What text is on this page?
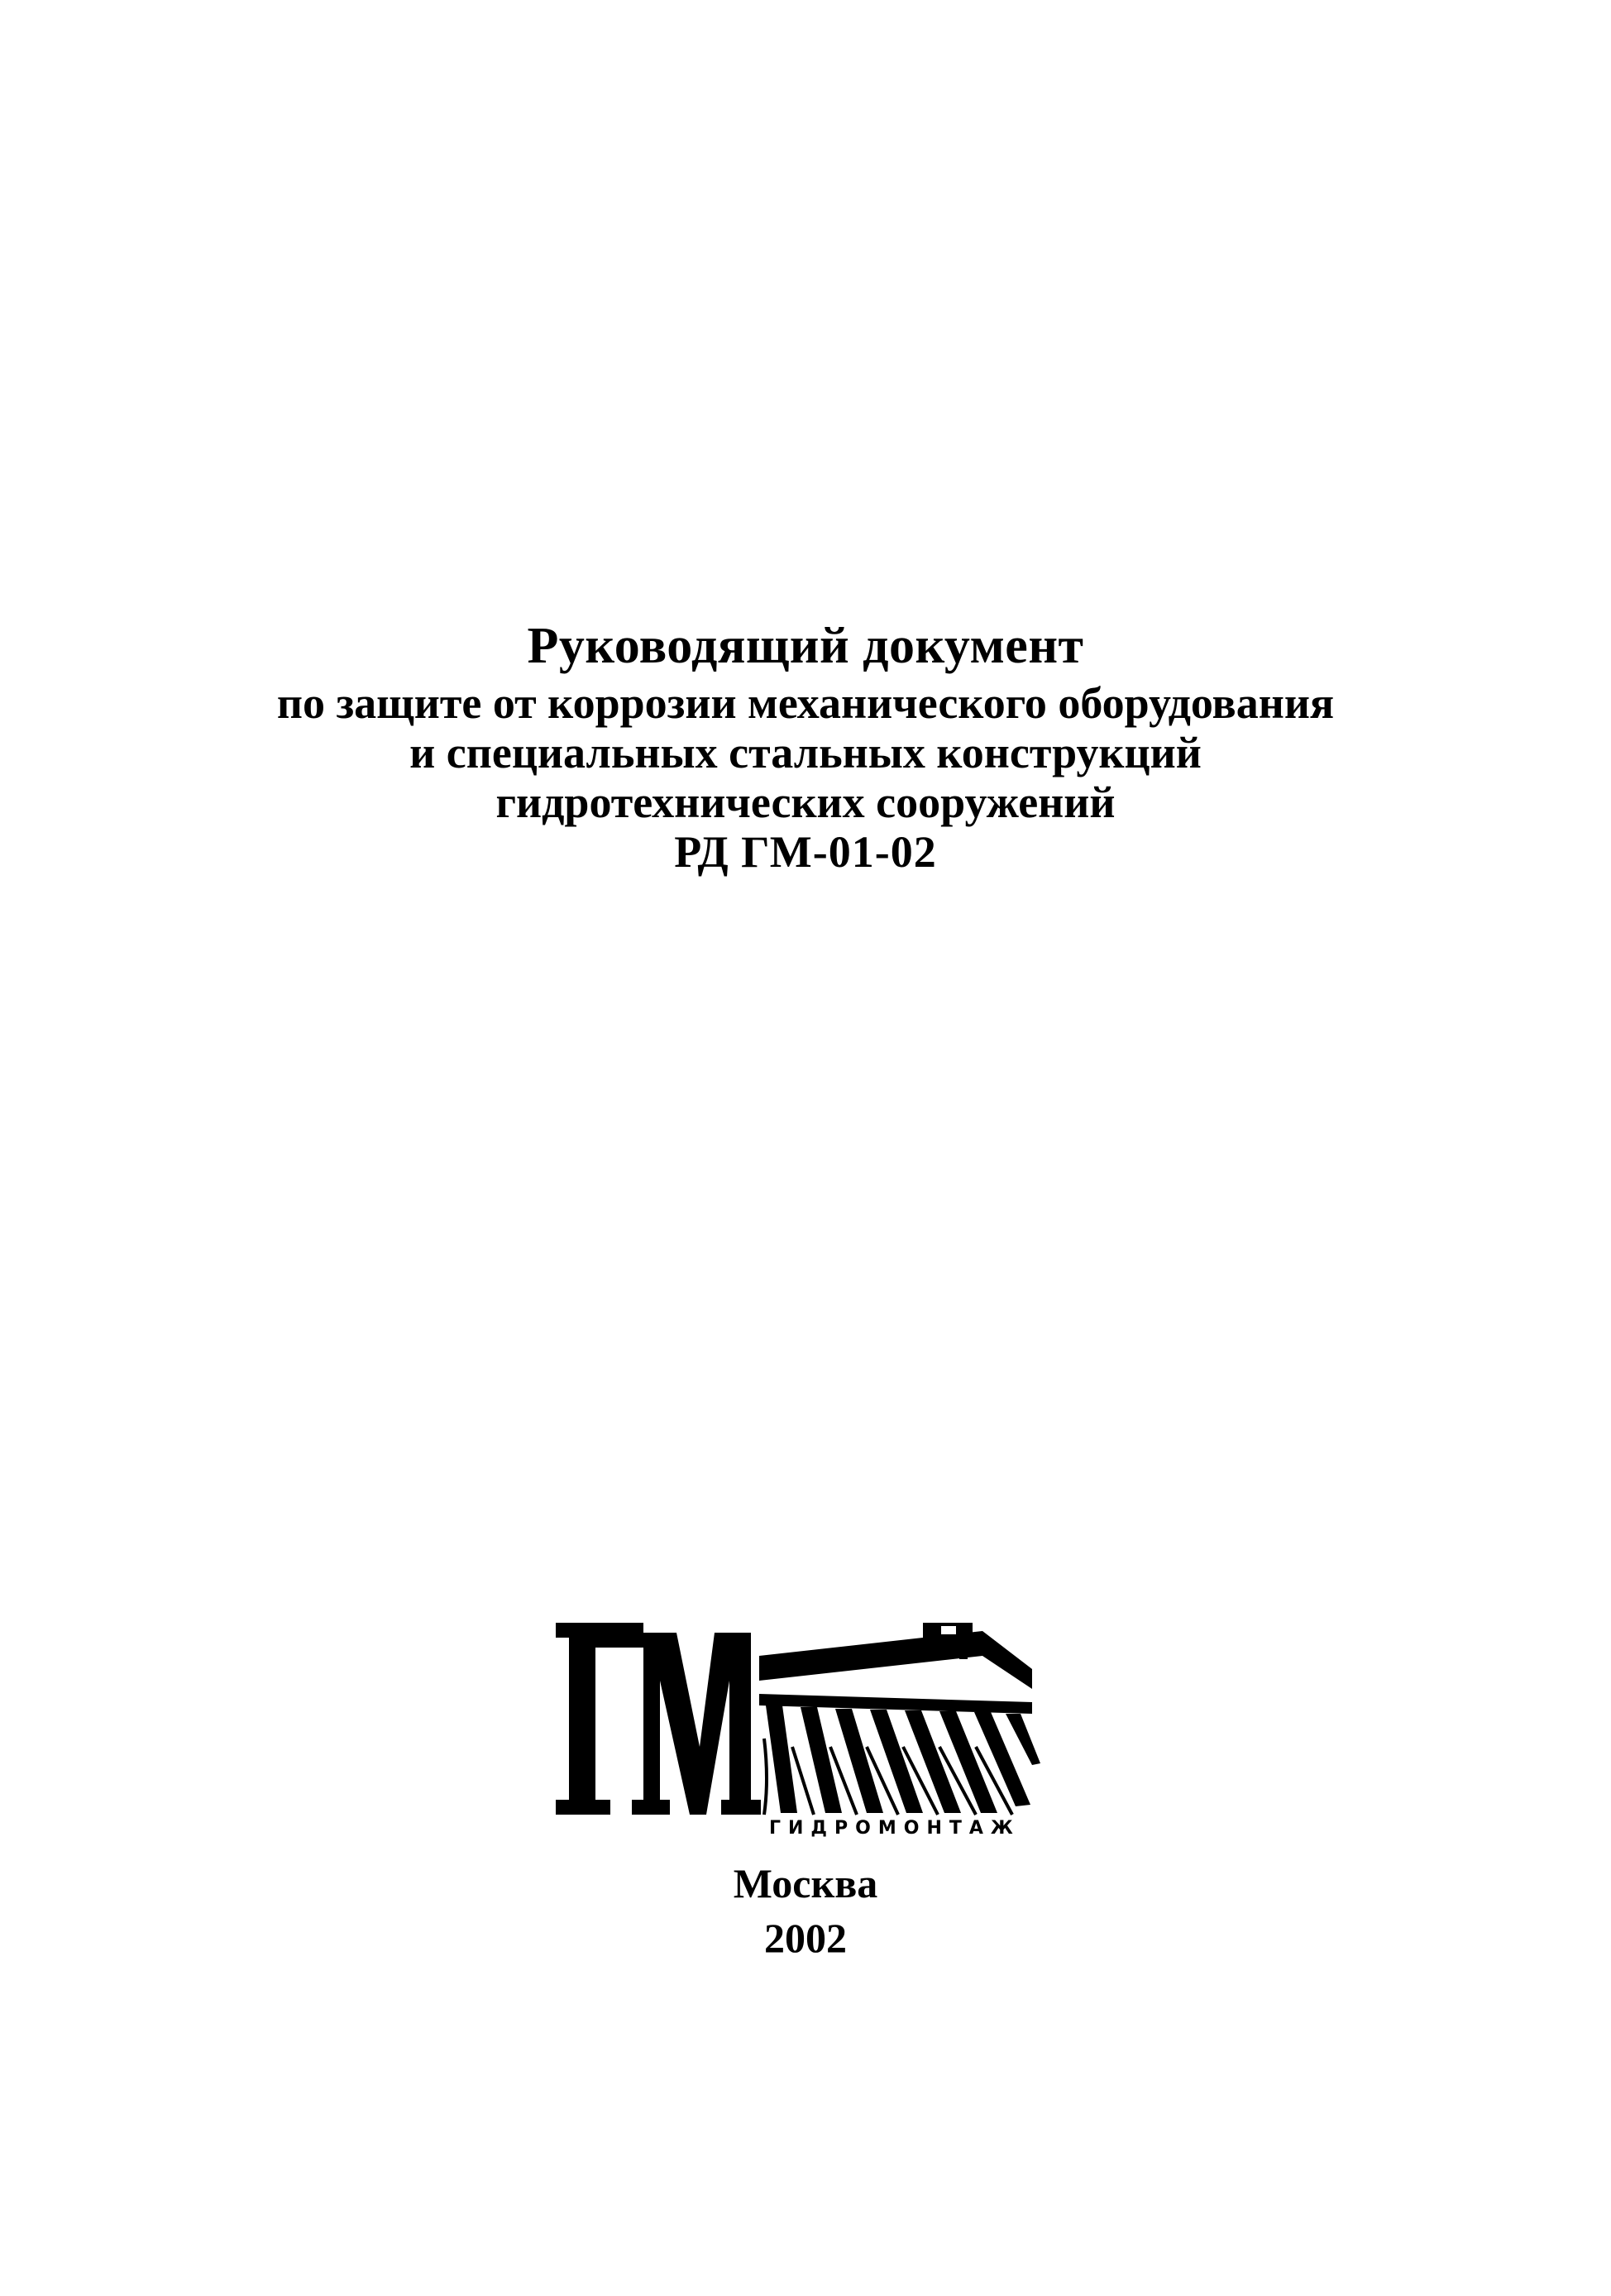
Руководящий документ
по защите от коррозии механического оборудования
и специальных стальных конструкций
гидротехнических сооружений
РД ГМ-01-02
ГИДРОМОНТАЖ
Москва
2002
